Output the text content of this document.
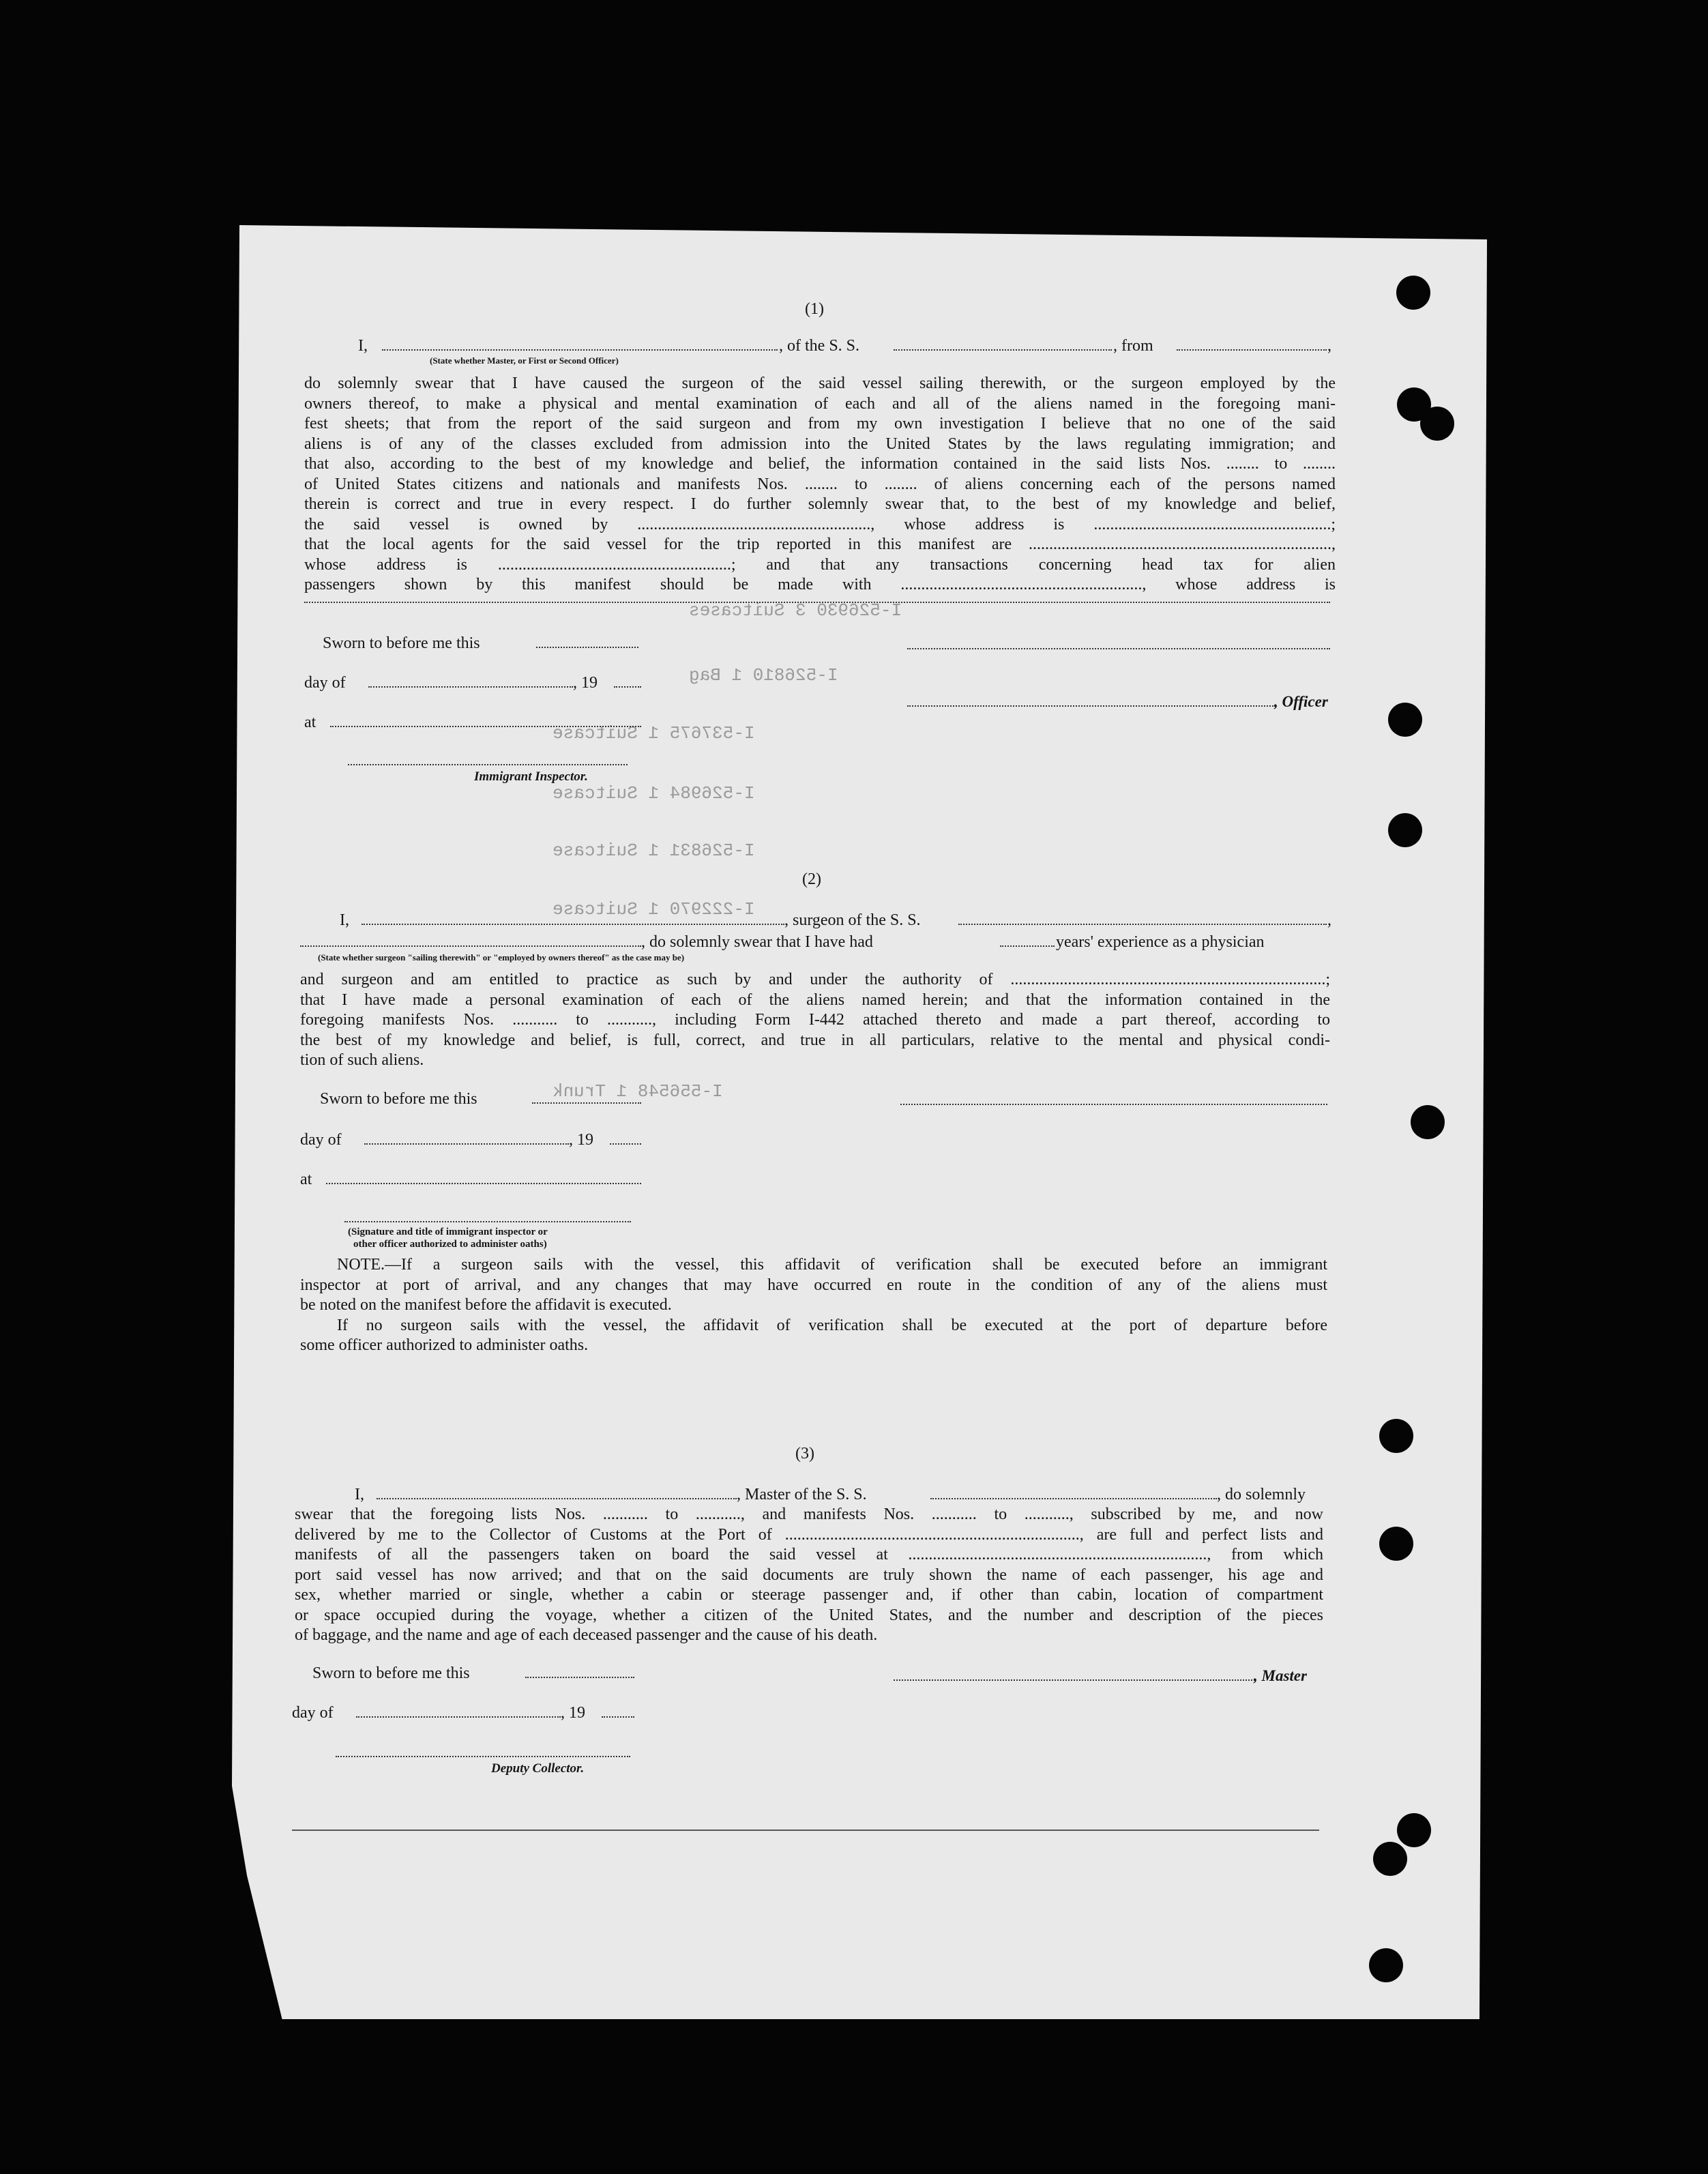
I-526930 3 Suitcases
I-526810 1 Bag
I-537675 1 Suitcase
I-526984 1 Suitcase
I-526831 1 Suitcase
I-222970 1 Suitcase
I-556548 1 Trunk
(1)
I,	, of the S. S.	, from	,
(State whether Master, or First or Second Officer)
do solemnly swear that I have caused the surgeon of the said vessel sailing therewith, or the surgeon employed by the
owners thereof, to make a physical and mental examination of each and all of the aliens named in the foregoing mani-
fest sheets; that from the report of the said surgeon and from my own investigation I believe that no one of the said
aliens is of any of the classes excluded from admission into the United States by the laws regulating immigration; and
that also, according to the best of my knowledge and belief, the information contained in the said lists Nos. ........ to ........
of United States citizens and nationals and manifests Nos. ........ to ........ of aliens concerning each of the persons named
therein is correct and true in every respect. I do further solemnly swear that, to the best of my knowledge and belief,
the said vessel is owned by ........................................................., whose address is ..........................................................;
that the local agents for the said vessel for the trip reported in this manifest are ..........................................................................,
whose address is .........................................................; and that any transactions concerning head tax for alien
passengers shown by this manifest should be made with ..........................................................., whose address is
Sworn to before me this
day of	, 19
, Officer
at
Immigrant Inspector.
(2)
I,	, surgeon of the S. S.	,
, do solemnly swear that I have had	years' experience as a physician
(State whether surgeon "sailing therewith" or "employed by owners thereof" as the case may be)
and surgeon and am entitled to practice as such by and under the authority of .............................................................................;
that I have made a personal examination of each of the aliens named herein; and that the information contained in the
foregoing manifests Nos. ........... to ..........., including Form I-442 attached thereto and made a part thereof, according to
the best of my knowledge and belief, is full, correct, and true in all particulars, relative to the mental and physical condi-
tion of such aliens.
Sworn to before me this
day of	, 19
at
(Signature and title of immigrant inspector or
other officer authorized to administer oaths)
NOTE.—If a surgeon sails with the vessel, this affidavit of verification shall be executed before an immigrant
inspector at port of arrival, and any changes that may have occurred en route in the condition of any of the aliens must
be noted on the manifest before the affidavit is executed.
If no surgeon sails with the vessel, the affidavit of verification shall be executed at the port of departure before
some officer authorized to administer oaths.
(3)
I,	, Master of the S. S.	, do solemnly
swear that the foregoing lists Nos. ........... to ..........., and manifests Nos. ........... to ..........., subscribed by me, and now
delivered by me to the Collector of Customs at the Port of ........................................................................, are full and perfect lists and
manifests of all the passengers taken on board the said vessel at ........................................................................., from which
port said vessel has now arrived; and that on the said documents are truly shown the name of each passenger, his age and
sex, whether married or single, whether a cabin or steerage passenger and, if other than cabin, location of compartment
or space occupied during the voyage, whether a citizen of the United States, and the number and description of the pieces
of baggage, and the name and age of each deceased passenger and the cause of his death.
Sworn to before me this	, Master
day of	, 19
Deputy Collector.
